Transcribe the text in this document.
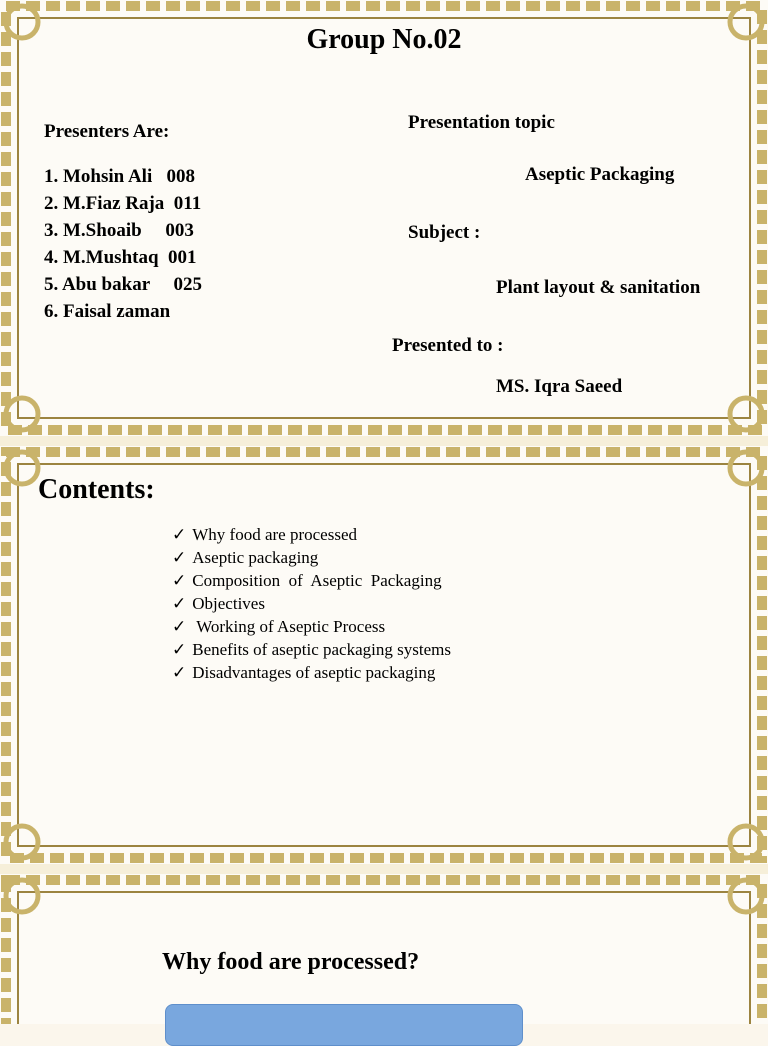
Group No.02
Presenters Are:
1. Mohsin Ali   008
2. M.Fiaz Raja  011
3. M.Shoaib     003
4. M.Mushtaq  001
5. Abu bakar     025
6. Faisal zaman
Presentation topic
Aseptic Packaging
Subject :
Plant layout & sanitation
Presented to :
MS. Iqra Saeed
Contents:
✓ Why food are processed
✓ Aseptic packaging
✓ Composition  of  Aseptic  Packaging
✓ Objectives
✓ Working of Aseptic Process
✓ Benefits of aseptic packaging systems
✓ Disadvantages of aseptic packaging
Why food are processed?
